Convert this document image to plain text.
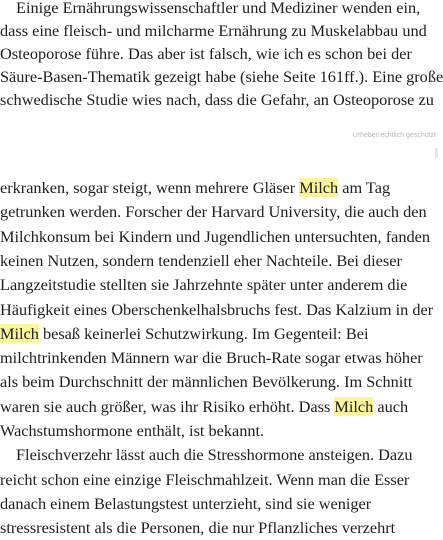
Einige Ernährungswissenschaftler und Mediziner wenden ein,
dass eine fleisch- und milcharme Ernährung zu Muskelabbau und
Osteoporose führe. Das aber ist falsch, wie ich es schon bei der
Säure-Basen-Thematik gezeigt habe (siehe Seite 161ff.). Eine große
schwedische Studie wies nach, dass die Gefahr, an Osteoporose zu
Urheberrechtlich geschützt
erkranken, sogar steigt, wenn mehrere Gläser Milch am Tag
getrunken werden. Forscher der Harvard University, die auch den
Milchkonsum bei Kindern und Jugendlichen untersuchten, fanden
keinen Nutzen, sondern tendenziell eher Nachteile. Bei dieser
Langzeitstudie stellten sie Jahrzehnte später unter anderem die
Häufigkeit eines Oberschenkelhalsbruchs fest. Das Kalzium in der
Milch besaß keinerlei Schutzwirkung. Im Gegenteil: Bei
milchtrinkenden Männern war die Bruch-Rate sogar etwas höher
als beim Durchschnitt der männlichen Bevölkerung. Im Schnitt
waren sie auch größer, was ihr Risiko erhöht. Dass Milch auch
Wachstumshormone enthält, ist bekannt.
Fleischverzehr lässt auch die Stresshormone ansteigen. Dazu
reicht schon eine einzige Fleischmahlzeit. Wenn man die Esser
danach einem Belastungstest unterzieht, sind sie weniger
stressresistent als die Personen, die nur Pflanzliches verzehrt
